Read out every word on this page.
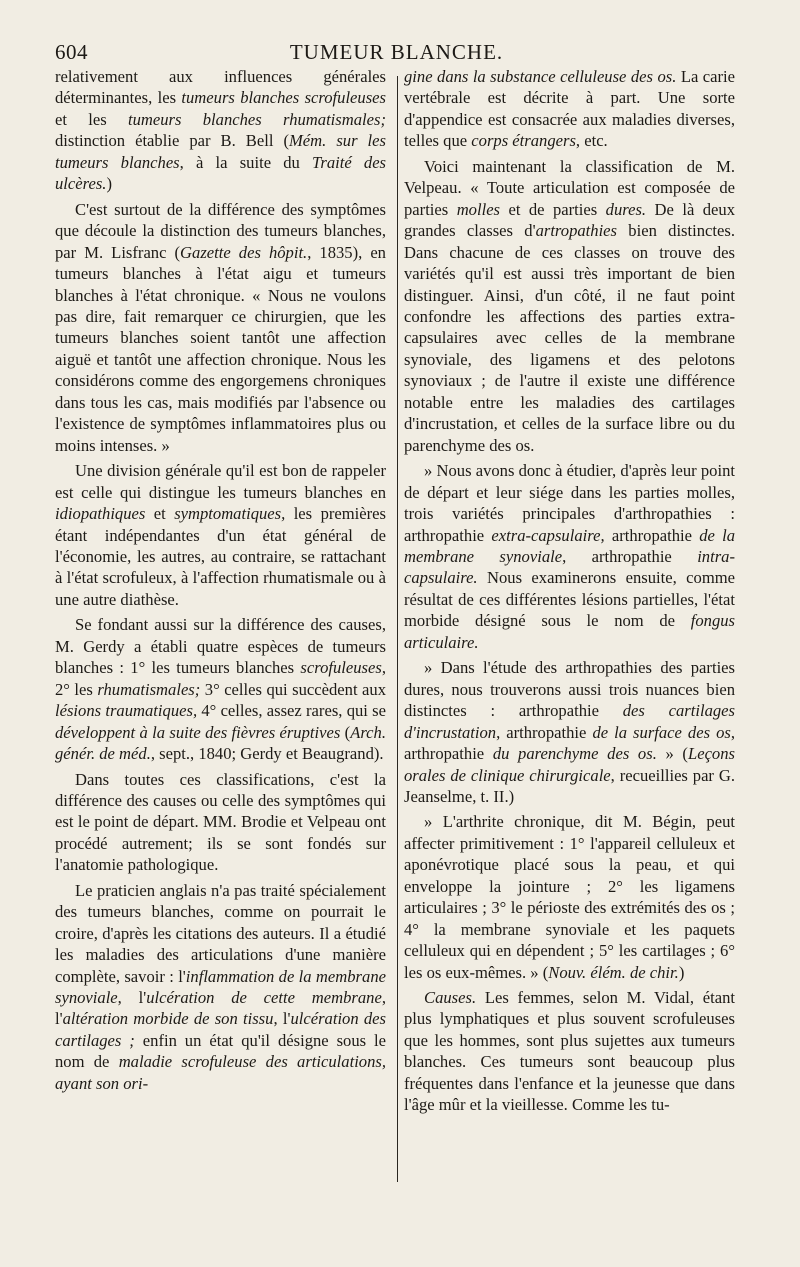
604	TUMEUR BLANCHE.

relativement aux influences générales déterminantes, les tumeurs blanches scrofuleuses et les tumeurs blanches rhumatismales; distinction établie par B. Bell (Mém. sur les tumeurs blanches, à la suite du Traité des ulcères.)

C'est surtout de la différence des symptômes que découle la distinction des tumeurs blanches, par M. Lisfranc (Gazette des hôpit., 1835), en tumeurs blanches à l'état aigu et tumeurs blanches à l'état chronique. « Nous ne voulons pas dire, fait remarquer ce chirurgien, que les tumeurs blanches soient tantôt une affection aiguë et tantôt une affection chronique. Nous les considérons comme des engorgemens chroniques dans tous les cas, mais modifiés par l'absence ou l'existence de symptômes inflammatoires plus ou moins intenses. »

Une division générale qu'il est bon de rappeler est celle qui distingue les tumeurs blanches en idiopathiques et symptomatiques, les premières étant indépendantes d'un état général de l'économie, les autres, au contraire, se rattachant à l'état scrofuleux, à l'affection rhumatismale ou à une autre diathèse.

Se fondant aussi sur la différence des causes, M. Gerdy a établi quatre espèces de tumeurs blanches : 1° les tumeurs blanches scrofuleuses, 2° les rhumatismales; 3° celles qui succèdent aux lésions traumatiques, 4° celles, assez rares, qui se développent à la suite des fièvres éruptives (Arch. génér. de méd., sept., 1840; Gerdy et Beaugrand).

Dans toutes ces classifications, c'est la différence des causes ou celle des symptômes qui est le point de départ. MM. Brodie et Velpeau ont procédé autrement; ils se sont fondés sur l'anatomie pathologique.

Le praticien anglais n'a pas traité spécialement des tumeurs blanches, comme on pourrait le croire, d'après les citations des auteurs. Il a étudié les maladies des articulations d'une manière complète, savoir : l'inflammation de la membrane synoviale, l'ulcération de cette membrane, l'altération morbide de son tissu, l'ulcération des cartilages ; enfin un état qu'il désigne sous le nom de maladie scrofuleuse des articulations, ayant son ori-

gine dans la substance celluleuse des os. La carie vertébrale est décrite à part. Une sorte d'appendice est consacrée aux maladies diverses, telles que corps étrangers, etc.

Voici maintenant la classification de M. Velpeau. « Toute articulation est composée de parties molles et de parties dures. De là deux grandes classes d'artropathies bien distinctes. Dans chacune de ces classes on trouve des variétés qu'il est aussi très important de bien distinguer. Ainsi, d'un côté, il ne faut point confondre les affections des parties extra-capsulaires avec celles de la membrane synoviale, des ligamens et des pelotons synoviaux ; de l'autre il existe une différence notable entre les maladies des cartilages d'incrustation, et celles de la surface libre ou du parenchyme des os.

» Nous avons donc à étudier, d'après leur point de départ et leur siége dans les parties molles, trois variétés principales d'arthropathies : arthropathie extra-capsulaire, arthropathie de la membrane synoviale, arthropathie intra-capsulaire. Nous examinerons ensuite, comme résultat de ces différentes lésions partielles, l'état morbide désigné sous le nom de fongus articulaire.

» Dans l'étude des arthropathies des parties dures, nous trouverons aussi trois nuances bien distinctes : arthropathie des cartilages d'incrustation, arthropathie de la surface des os, arthropathie du parenchyme des os. » (Leçons orales de clinique chirurgicale, recueillies par G. Jeanselme, t. II.)

» L'arthrite chronique, dit M. Bégin, peut affecter primitivement : 1° l'appareil celluleux et aponévrotique placé sous la peau, et qui enveloppe la jointure ; 2° les ligamens articulaires ; 3° le périoste des extrémités des os ; 4° la membrane synoviale et les paquets celluleux qui en dépendent ; 5° les cartilages ; 6° les os eux-mêmes. » (Nouv. élém. de chir.)

Causes. Les femmes, selon M. Vidal, étant plus lymphatiques et plus souvent scrofuleuses que les hommes, sont plus sujettes aux tumeurs blanches. Ces tumeurs sont beaucoup plus fréquentes dans l'enfance et la jeunesse que dans l'âge mûr et la vieillesse. Comme les tu-
